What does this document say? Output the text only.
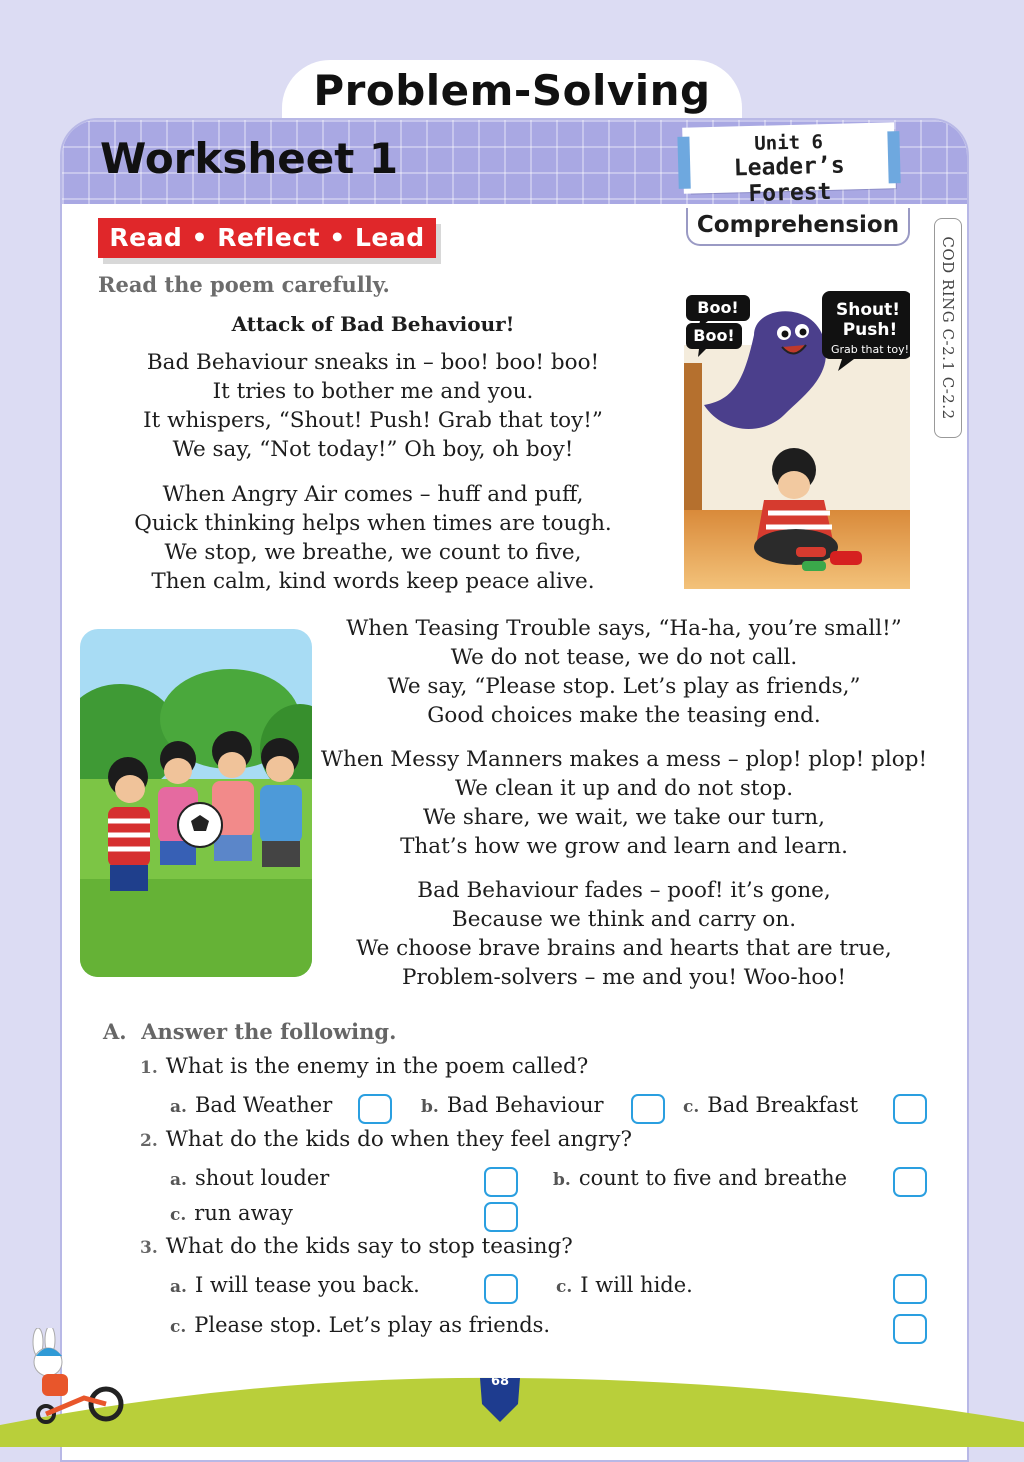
Problem-Solving
Worksheet 1	Unit 6
Leader’s Forest
Comprehension
Read • Reflect • Lead	COD RING C-2.1 C-2.2
Read the poem carefully.
Attack of Bad Behaviour!
Bad Behaviour sneaks in – boo! boo! boo!
It tries to bother me and you.
It whispers, “Shout! Push! Grab that toy!”
We say, “Not today!” Oh boy, oh boy!
When Angry Air comes – huff and puff,
Quick thinking helps when times are tough.
We stop, we breathe, we count to five,
Then calm, kind words keep peace alive.
When Teasing Trouble says, “Ha-ha, you’re small!”
We do not tease, we do not call.
We say, “Please stop. Let’s play as friends,”
Good choices make the teasing end.
When Messy Manners makes a mess – plop! plop! plop!
We clean it up and do not stop.
We share, we wait, we take our turn,
That’s how we grow and learn and learn.
Bad Behaviour fades – poof! it’s gone,
Because we think and carry on.
We choose brave brains and hearts that are true,
Problem-solvers – me and you! Woo-hoo!
Boo!
Boo!
Shout!
Push!
Grab that toy!
A. Answer the following.
1. What is the enemy in the poem called?
a. Bad Weather	b. Bad Behaviour	c. Bad Breakfast
2. What do the kids do when they feel angry?
a. shout louder	b. count to five and breathe
c. run away
3. What do the kids say to stop teasing?
a. I will tease you back.	c. I will hide.
c. Please stop. Let’s play as friends.
68
